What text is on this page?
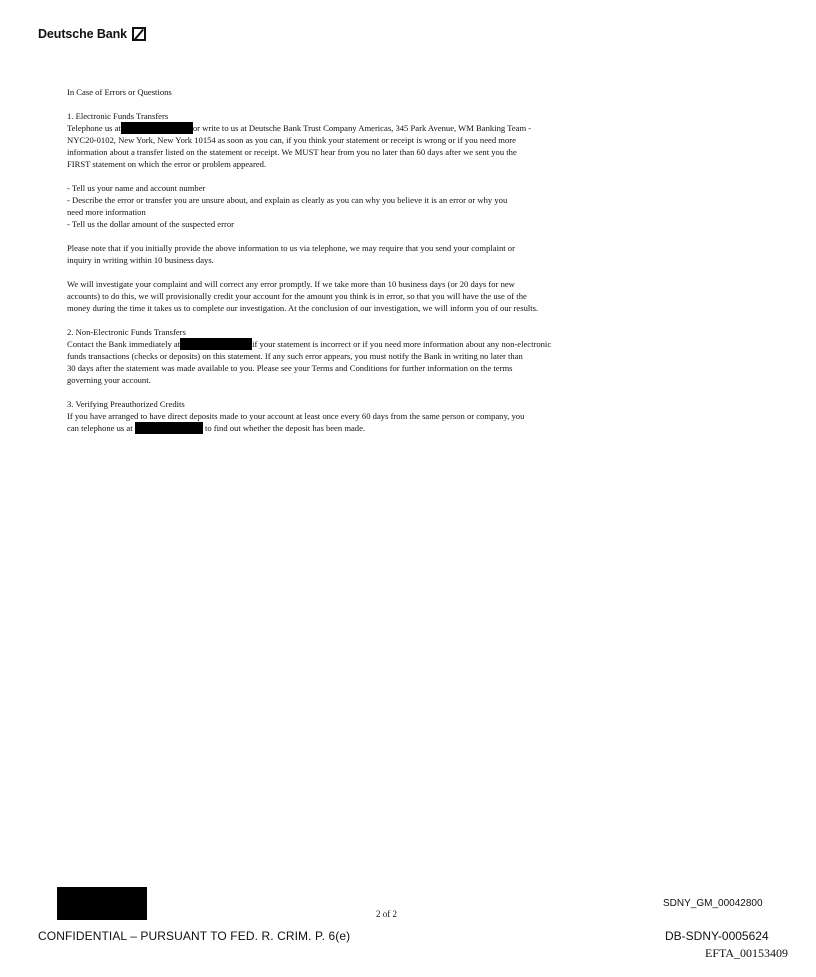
Deutsche Bank

In Case of Errors or Questions

1. Electronic Funds Transfers
Telephone us at	or write to us at Deutsche Bank Trust Company Americas, 345 Park Avenue, WM Banking Team -
NYC20-0102, New York, New York 10154 as soon as you can, if you think your statement or receipt is wrong or if you need more
information about a transfer listed on the statement or receipt. We MUST hear from you no later than 60 days after we sent you the
FIRST statement on which the error or problem appeared.

- Tell us your name and account number
- Describe the error or transfer you are unsure about, and explain as clearly as you can why you believe it is an error or why you
need more information
- Tell us the dollar amount of the suspected error

Please note that if you initially provide the above information to us via telephone, we may require that you send your complaint or
inquiry in writing within 10 business days.

We will investigate your complaint and will correct any error promptly. If we take more than 10 business days (or 20 days for new
accounts) to do this, we will provisionally credit your account for the amount you think is in error, so that you will have the use of the
money during the time it takes us to complete our investigation. At the conclusion of our investigation, we will inform you of our results.

2. Non-Electronic Funds Transfers
Contact the Bank immediately at	if your statement is incorrect or if you need more information about any non-electronic
funds transactions (checks or deposits) on this statement. If any such error appears, you must notify the Bank in writing no later than
30 days after the statement was made available to you. Please see your Terms and Conditions for further information on the terms
governing your account.

3. Verifying Preauthorized Credits
If you have arranged to have direct deposits made to your account at least once every 60 days from the same person or company, you
can telephone us at	to find out whether the deposit has been made.

2 of 2
SDNY_GM_00042800
CONFIDENTIAL – PURSUANT TO FED. R. CRIM. P. 6(e)	DB-SDNY-0005624
EFTA_00153409
